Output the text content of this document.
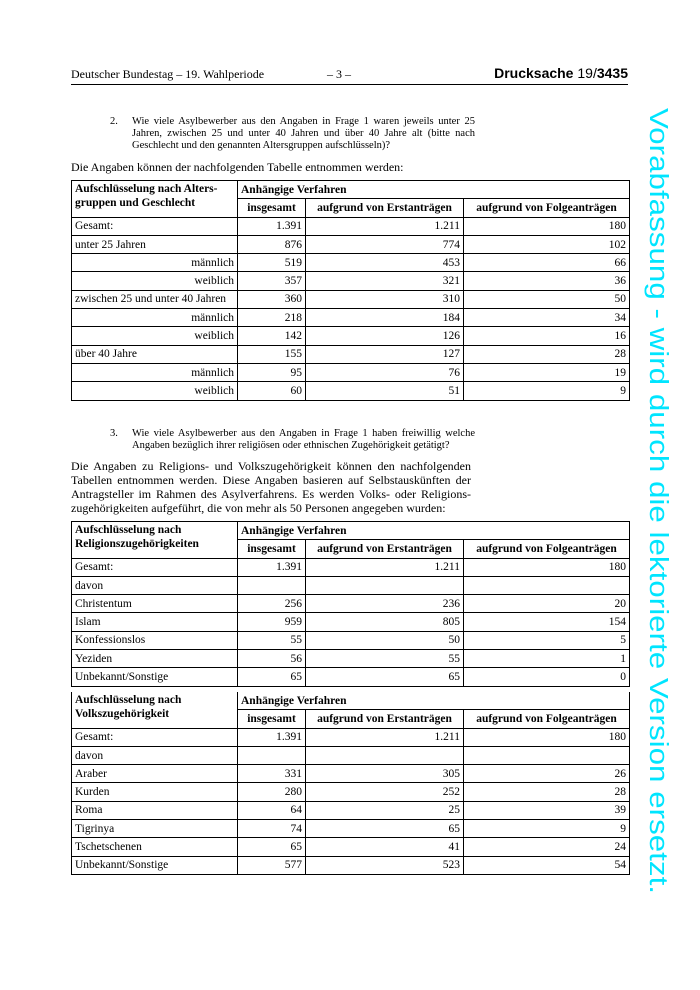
Deutscher Bundestag – 19. Wahlperiode	– 3 –	Drucksache 19/3435
2. Wie viele Asylbewerber aus den Angaben in Frage 1 waren jeweils unter 25 Jahren, zwischen 25 und unter 40 Jahren und über 40 Jahre alt (bitte nach Geschlecht und den genannten Altersgruppen aufschlüsseln)?
Die Angaben können der nachfolgenden Tabelle entnommen werden:
Aufschlüsselung nach Alters-gruppen und Geschlecht	Anhängige Verfahren		
	insgesamt	aufgrund von Erstanträgen	aufgrund von Folgeanträgen
Gesamt:	1.391	1.211	180
unter 25 Jahren	876	774	102
männlich	519	453	66
weiblich	357	321	36
zwischen 25 und unter 40 Jahren	360	310	50
männlich	218	184	34
weiblich	142	126	16
über 40 Jahre	155	127	28
männlich	95	76	19
weiblich	60	51	9
3. Wie viele Asylbewerber aus den Angaben in Frage 1 haben freiwillig welche Angaben bezüglich ihrer religiösen oder ethnischen Zugehörigkeit getätigt?
Die Angaben zu Religions- und Volkszugehörigkeit können den nachfolgenden Tabellen entnommen werden. Diese Angaben basieren auf Selbstauskünften der Antragsteller im Rahmen des Asylverfahrens. Es werden Volks- oder Religions-zugehörigkeiten aufgeführt, die von mehr als 50 Personen angegeben wurden:
Aufschlüsselung nach Religionszugehörigkeiten	Anhängige Verfahren		
	insgesamt	aufgrund von Erstanträgen	aufgrund von Folgeanträgen
Gesamt:	1.391	1.211	180
davon			
Christentum	256	236	20
Islam	959	805	154
Konfessionslos	55	50	5
Yeziden	56	55	1
Unbekannt/Sonstige	65	65	0
Aufschlüsselung nach Volkszugehörigkeit	Anhängige Verfahren		
	insgesamt	aufgrund von Erstanträgen	aufgrund von Folgeanträgen
Gesamt:	1.391	1.211	180
davon			
Araber	331	305	26
Kurden	280	252	28
Roma	64	25	39
Tigrinya	74	65	9
Tschetschenen	65	41	24
Unbekannt/Sonstige	577	523	54
Vorabfassung - wird durch die lektorierte Version ersetzt.
